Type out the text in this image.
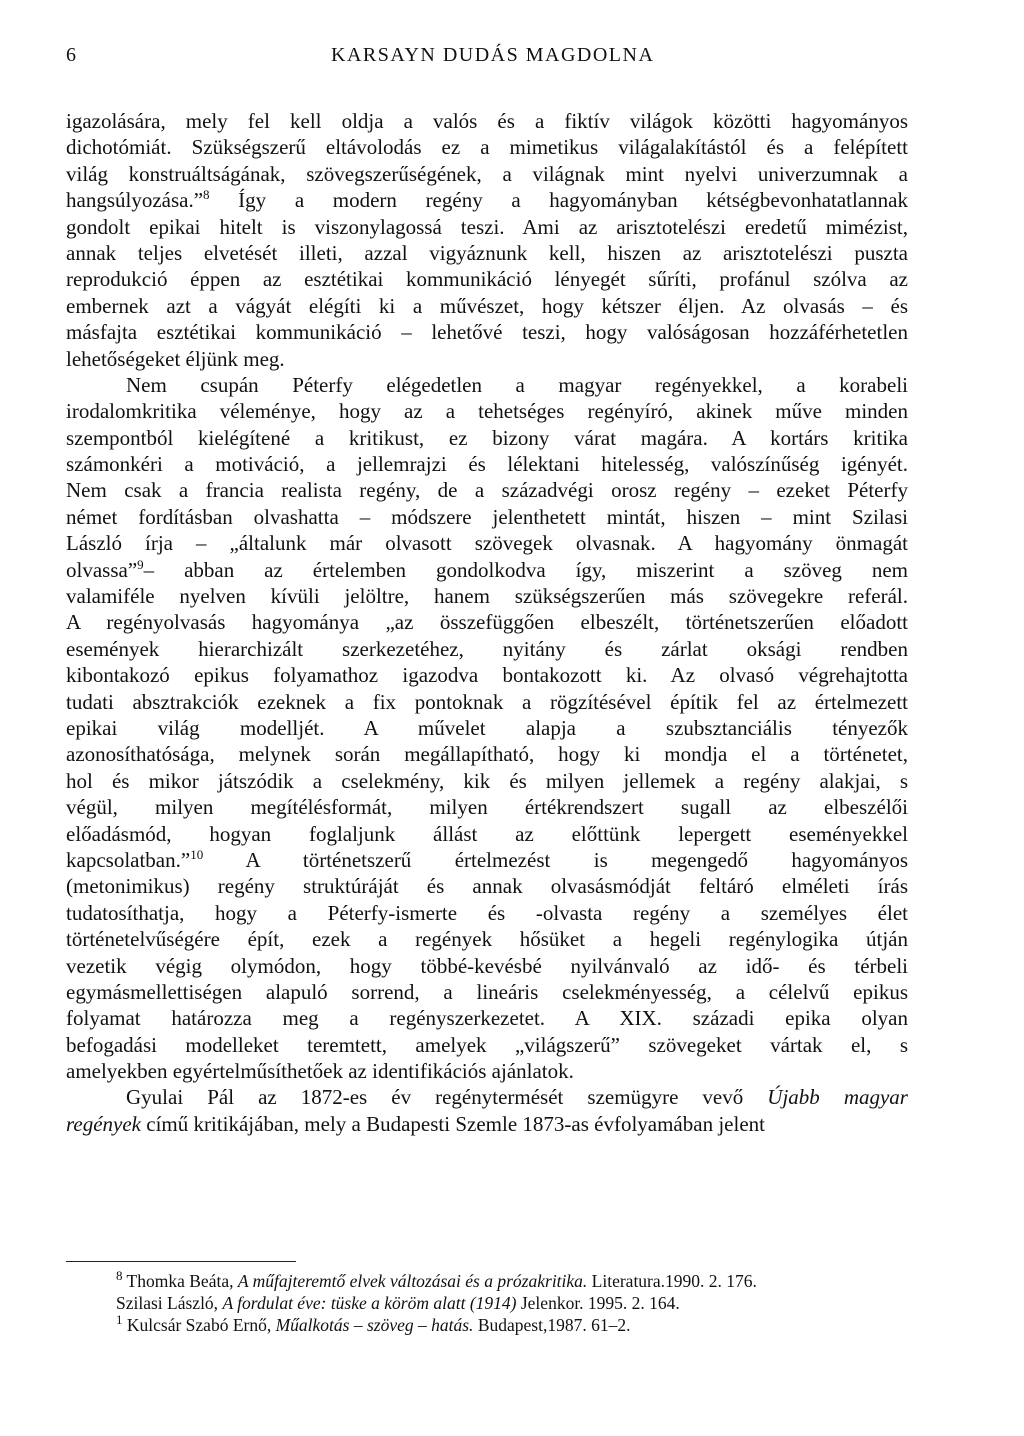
6	KARSAYN DUDÁS MAGDOLNA
igazolására, mely fel kell oldja a valós és a fiktív világok közötti hagyományos
dichotómiát. Szükségszerű eltávolodás ez a mimetikus világalakítástól és a felépített
világ konstruáltságának, szövegszerűségének, a világnak mint nyelvi univerzumnak a
hangsúlyozása.”$^8$ Így a modern regény a hagyományban kétségbevonhatatlannak
gondolt epikai hitelt is viszonylagossá teszi. Ami az arisztotelészi eredetű mimézist,
annak teljes elvetését illeti, azzal vigyáznunk kell, hiszen az arisztotelészi puszta
reprodukció éppen az esztétikai kommunikáció lényegét sűríti, profánul szólva az
embernek azt a vágyát elégíti ki a művészet, hogy kétszer éljen. Az olvasás – és
másfajta esztétikai kommunikáció – lehetővé teszi, hogy valóságosan hozzáférhetetlen
lehetőségeket éljünk meg.
Nem csupán Péterfy elégedetlen a magyar regényekkel, a korabeli
irodalomkritika véleménye, hogy az a tehetséges regényíró, akinek műve minden
szempontból kielégítené a kritikust, ez bizony várat magára. A kortárs kritika
számonkéri a motiváció, a jellemrajzi és lélektani hitelesség, valószínűség igényét.
Nem csak a francia realista regény, de a századvégi orosz regény – ezeket Péterfy
német fordításban olvashatta – módszere jelenthetett mintát, hiszen – mint Szilasi
László írja – „általunk már olvasott szövegek olvasnak. A hagyomány önmagát
olvassa”$^9$– abban az értelemben gondolkodva így, miszerint a szöveg nem
valamiféle nyelven kívüli jelöltre, hanem szükségszerűen más szövegekre referál.
A regényolvasás hagyománya „az összefüggően elbeszélt, történetszerűen előadott
események hierarchizált szerkezetéhez, nyitány és zárlat oksági rendben
kibontakozó epikus folyamathoz igazodva bontakozott ki. Az olvasó végrehajtotta
tudati absztrakciók ezeknek a fix pontoknak a rögzítésével építik fel az értelmezett
epikai világ modelljét. A művelet alapja a szubsztanciális tényezők
azonosíthatósága, melynek során megállapítható, hogy ki mondja el a történetet,
hol és mikor játszódik a cselekmény, kik és milyen jellemek a regény alakjai, s
végül, milyen megítélésformát, milyen értékrendszert sugall az elbeszélői
előadásmód, hogyan foglaljunk állást az előttünk lepergett eseményekkel
kapcsolatban.”$^{10}$ A történetszerű értelmezést is megengedő hagyományos
(metonimikus) regény struktúráját és annak olvasásmódját feltáró elméleti írás
tudatosíthatja, hogy a Péterfy-ismerte és -olvasta regény a személyes élet
történetelvűségére épít, ezek a regények hősüket a hegeli regénylogika útján
vezetik végig olymódon, hogy többé-kevésbé nyilvánvaló az idő- és térbeli
egymásmellettiségen alapuló sorrend, a lineáris cselekményesség, a célelvű epikus
folyamat határozza meg a regényszerkezetet. A XIX. századi epika olyan
befogadási modelleket teremtett, amelyek „világszerű” szövegeket vártak el, s
amelyekben egyértelműsíthetőek az identifikációs ajánlatok.
Gyulai Pál az 1872-es év regénytermését szemügyre vevő Újabb magyar
regények című kritikájában, mely a Budapesti Szemle 1873-as évfolyamában jelent
$^8$ Thomka Beáta, A műfajteremtő elvek változásai és a prózakritika. Literatura.1990. 2. 176.
Szilasi László, A fordulat éve: tüske a köröm alatt (1914) Jelenkor. 1995. 2. 164.
$^1$ Kulcsár Szabó Ernő, Műalkotás – szöveg – hatás. Budapest,1987. 61–2.
